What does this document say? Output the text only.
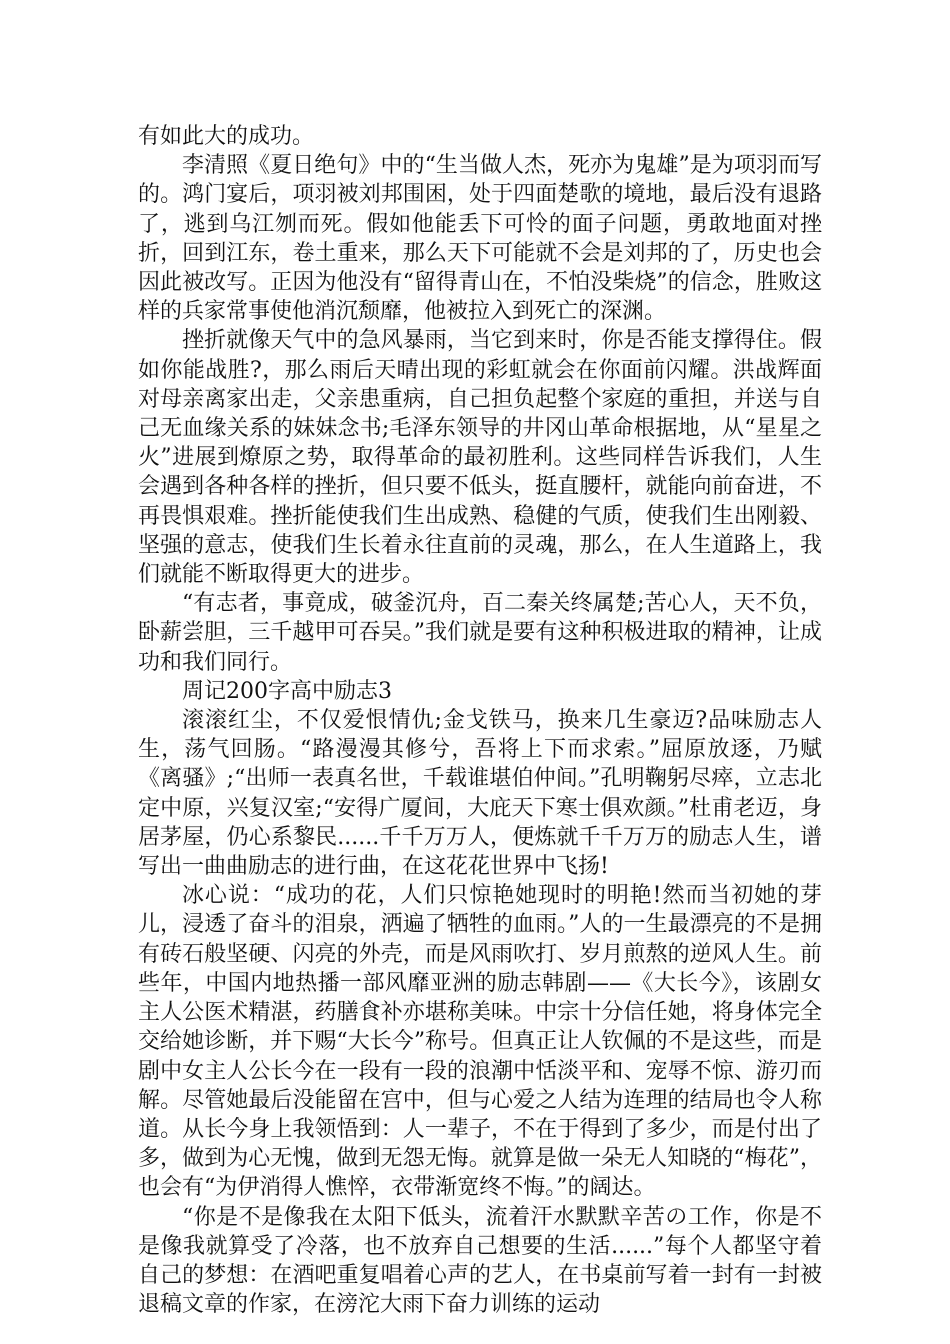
有如此大的成功。

李清照《夏日绝句》中的“生当做人杰，死亦为鬼雄”是为项羽而写的。鸿门宴后，项羽被刘邦围困，处于四面楚歌的境地，最后没有退路了，逃到乌江刎而死。假如他能丢下可怜的面子问题，勇敢地面对挫折，回到江东，卷土重来，那么天下可能就不会是刘邦的了，历史也会因此被改写。正因为他没有“留得青山在，不怕没柴烧”的信念，胜败这样的兵家常事使他消沉颓靡，他被拉入到死亡的深渊。

挫折就像天气中的急风暴雨，当它到来时，你是否能支撑得住。假如你能战胜?，那么雨后天晴出现的彩虹就会在你面前闪耀。洪战辉面对母亲离家出走，父亲患重病，自己担负起整个家庭的重担，并送与自己无血缘关系的妹妹念书;毛泽东领导的井冈山革命根据地，从“星星之火”进展到燎原之势，取得革命的最初胜利。这些同样告诉我们，人生会遇到各种各样的挫折，但只要不低头，挺直腰杆，就能向前奋进，不再畏惧艰难。挫折能使我们生出成熟、稳健的气质，使我们生出刚毅、坚强的意志，使我们生长着永往直前的灵魂，那么，在人生道路上，我们就能不断取得更大的进步。

“有志者，事竟成，破釜沉舟，百二秦关终属楚;苦心人，天不负，卧薪尝胆，三千越甲可吞吴。”我们就是要有这种积极进取的精神，让成功和我们同行。

周记200字高中励志3

滚滚红尘，不仅爱恨情仇;金戈铁马，换来几生豪迈?品味励志人生，荡气回肠。“路漫漫其修兮，吾将上下而求索。”屈原放逐，乃赋《离骚》;“出师一表真名世，千载谁堪伯仲间。”孔明鞠躬尽瘁，立志北定中原，兴复汉室;“安得广厦间，大庇天下寒士俱欢颜。”杜甫老迈，身居茅屋，仍心系黎民......千千万万人，便炼就千千万万的励志人生，谱写出一曲曲励志的进行曲，在这花花世界中飞扬!

冰心说：“成功的花，人们只惊艳她现时的明艳!然而当初她的芽儿，浸透了奋斗的泪泉，洒遍了牺牲的血雨。”人的一生最漂亮的不是拥有砖石般坚硬、闪亮的外壳，而是风雨吹打、岁月煎熬的逆风人生。前些年，中国内地热播一部风靡亚洲的励志韩剧——《大长今》，该剧女主人公医术精湛，药膳食补亦堪称美味。中宗十分信任她，将身体完全交给她诊断，并下赐“大长今”称号。但真正让人钦佩的不是这些，而是剧中女主人公长今在一段有一段的浪潮中恬淡平和、宠辱不惊、游刃而解。尽管她最后没能留在宫中，但与心爱之人结为连理的结局也令人称道。从长今身上我领悟到：人一辈子，不在于得到了多少，而是付出了多，做到为心无愧，做到无怨无悔。就算是做一朵无人知晓的“梅花”，也会有“为伊消得人憔悴，衣带渐宽终不悔。”的阔达。

“你是不是像我在太阳下低头，流着汗水默默辛苦の工作，你是不是像我就算受了冷落，也不放弃自己想要的生活......”每个人都坚守着自己的梦想：在酒吧重复唱着心声的艺人，在书桌前写着一封有一封被退稿文章的作家，在滂沱大雨下奋力训练的运动
